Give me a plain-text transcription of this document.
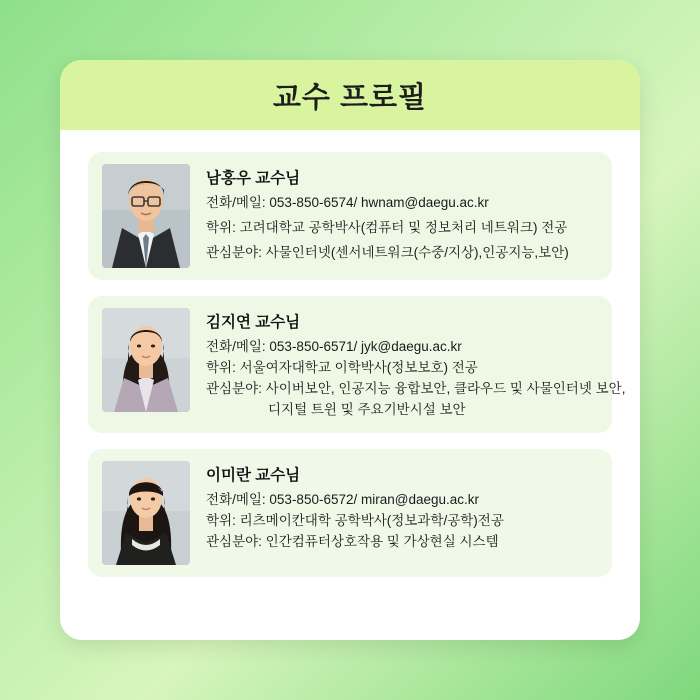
교수 프로필
남홍우 교수님
전화/메일: 053-850-6574/ hwnam@daegu.ac.kr
학위: 고려대학교 공학박사(컴퓨터 및 정보처리 네트워크) 전공
관심분야: 사물인터넷(센서네트워크(수중/지상),인공지능,보안)
김지연 교수님
전화/메일: 053-850-6571/ jyk@daegu.ac.kr
학위: 서울여자대학교 이학박사(정보보호) 전공
관심분야: 사이버보안, 인공지능 융합보안, 클라우드 및 사물인터넷 보안,
디지털 트윈 및 주요기반시설 보안
이미란 교수님
전화/메일: 053-850-6572/ miran@daegu.ac.kr
학위: 리츠메이칸대학 공학박사(정보과학/공학)전공
관심분야: 인간컴퓨터상호작용 및 가상현실 시스템
